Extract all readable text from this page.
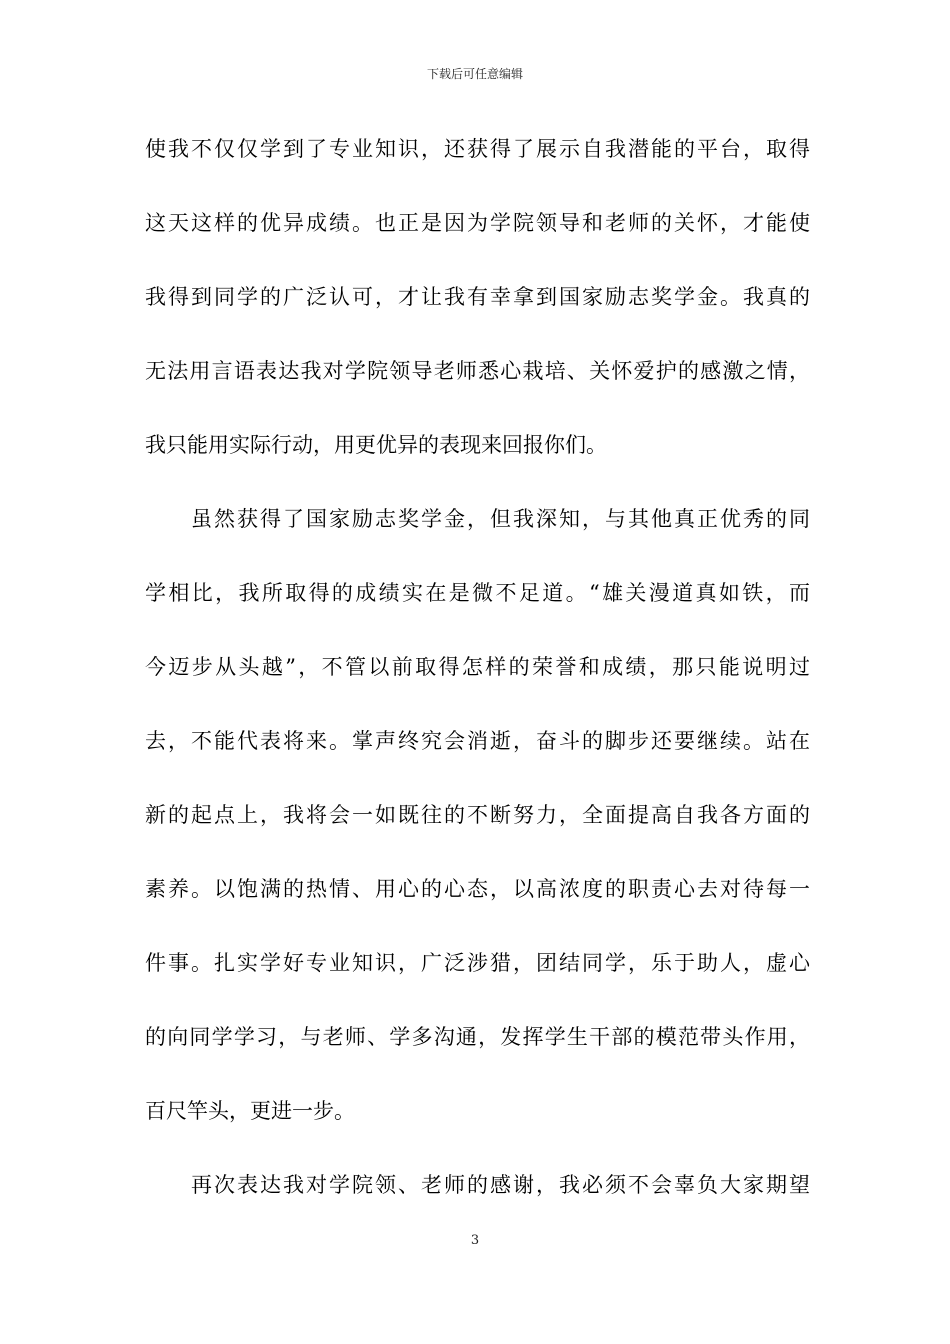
下载后可任意编辑
使我不仅仅学到了专业知识，还获得了展示自我潜能的平台，取得
这天这样的优异成绩。也正是因为学院领导和老师的关怀，才能使
我得到同学的广泛认可，才让我有幸拿到国家励志奖学金。我真的
无法用言语表达我对学院领导老师悉心栽培、关怀爱护的感激之情，
我只能用实际行动，用更优异的表现来回报你们。
虽然获得了国家励志奖学金，但我深知，与其他真正优秀的同
学相比，我所取得的成绩实在是微不足道。“雄关漫道真如铁，而
今迈步从头越”，不管以前取得怎样的荣誉和成绩，那只能说明过
去，不能代表将来。掌声终究会消逝，奋斗的脚步还要继续。站在
新的起点上，我将会一如既往的不断努力，全面提高自我各方面的
素养。以饱满的热情、用心的心态，以高浓度的职责心去对待每一
件事。扎实学好专业知识，广泛涉猎，团结同学，乐于助人，虚心
的向同学学习，与老师、学多沟通，发挥学生干部的模范带头作用，
百尺竿头，更进一步。
再次表达我对学院领、老师的感谢，我必须不会辜负大家期望
3
